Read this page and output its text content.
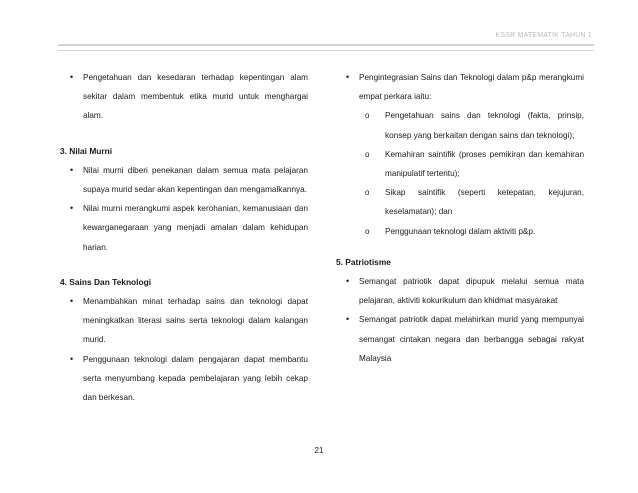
KSSR MATEMATIK TAHUN 1
• Pengetahuan dan kesedaran terhadap kepentingan alam sekitar dalam membentuk etika murid untuk menghargai alam.
3. Nilai Murni
• Nilai murni diberi penekanan dalam semua mata pelajaran supaya murid sedar akan kepentingan dan mengamalkannya.
• Nilai murni merangkumi aspek kerohanian, kemanusiaan dan kewarganegaraan yang menjadi amalan dalam kehidupan harian.
4. Sains Dan Teknologi
• Menambahkan minat terhadap sains dan teknologi dapat meningkatkan literasi sains serta teknologi dalam kalangan murid.
• Penggunaan teknologi dalam pengajaran dapat membantu serta menyumbang kepada pembelajaran yang lebih cekap dan berkesan.
• Pengintegrasian Sains dan Teknologi dalam p&p merangkumi empat perkara iaitu:
o	Pengetahuan sains dan teknologi (fakta, prinsip, konsep yang berkaitan dengan sains dan teknologi);
o	Kemahiran saintifik (proses pemikiran dan kemahiran manipulatif tertentu);
o	Sikap saintifik (seperti ketepatan, kejujuran, keselamatan); dan
o	Penggunaan teknologi dalam aktiviti p&p.
5. Patriotisme
• Semangat patriotik dapat dipupuk melalui semua mata pelajaran, aktiviti kokurikulum dan khidmat masyarakat
• Semangat patriotik dapat melahirkan murid yang mempunyai semangat cintakan negara dan berbangga sebagai rakyat Malaysia
21
